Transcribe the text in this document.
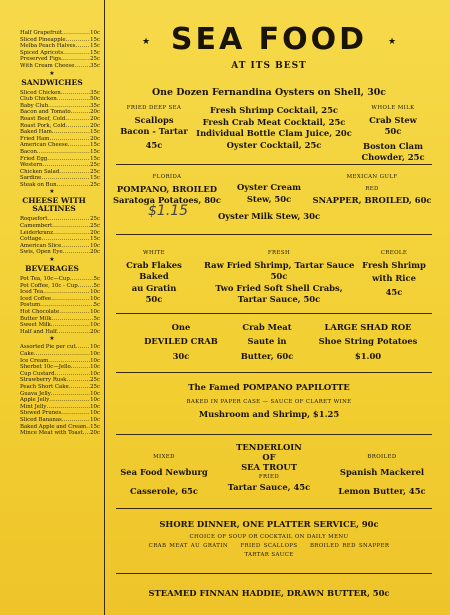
Half Grapefruit .....	10c
Sliced Pineapple .....	15c
Melba Peach Halves .....	15c
Spiced Apricots .....	15c
Preserved Figs .....	25c
With Cream Cheese .....	35c
★
SANDWICHES
Sliced Chicken .....	35c
Club Chicken .....	50c
Baby Club .....	35c
Bacon and Tomato .....	20c
Roast Beef, Cold .....	20c
Roast Pork, Cold .....	20c
Baked Ham .....	15c
Fried Ham .....	20c
American Cheese .....	15c
Bacon .....	15c
Fried Egg .....	15c
Western .....	25c
Chicken Salad .....	25c
Sardine .....	15c
Steak on Bun .....	25c
★
CHEESE WITH SALTINES
Roquefort .....	25c
Camembert .....	25c
Leiderkranz .....	20c
Cottage .....	15c
American Slice .....	10c
Swis, Open Eye .....	20c
★
BEVERAGES
Pot Tea, 10c—Cup .....	5c
Pot Coffee, 10c - Cup .....	5c
Iced Tea .....	10c
Iced Coffee .....	10c
Postum .....	5c
Hot Chocolate .....	10c
Butter Milk .....	5c
Sweet Milk .....	10c
Half and Half .....	20c
★
Assorted Pie per cut .....	10c
Cake .....	10c
Ice Cream .....	10c
Sherbet 10c—Jello .....	10c
Cup Custard .....	10c
Strawberry Rusk .....	25c
Peach Short Cake .....	25c
Guava Jelly .....	10c
Apple Jelly .....	10c
Mint Jelly .....	10c
Stewed Prunes .....	10c
Sliced Bananas .....	10c
Baked Apple and Cream ..... 15c
Mince Meat with Toast ..... 20c
★	★
SEA FOOD
AT ITS BEST
One Dozen Fernandina Oysters on Shell, 30c
FRIED DEEP SEA
Scallops
Bacon - Tartar
45c
Fresh Shrimp Cocktail, 25c
Fresh Crab Meat Cocktail, 25c
Individual Bottle Clam Juice, 20c
Oyster Cocktail, 25c
WHOLE MILK
Crab Stew
50c
Boston Clam
Chowder, 25c
FLORIDA
POMPANO, BROILED
Saratoga Potatoes, 80c
$1.15
Oyster Cream
Stew, 50c
MEXICAN GULF
RED
SNAPPER, BROILED, 60c
Oyster Milk Stew, 30c
WHITE
Crab Flakes
Baked
au Gratin
50c
FRESH
Raw Fried Shrimp, Tartar Sauce
50c
Two Fried Soft Shell Crabs,
Tartar Sauce, 50c
CREOLE
Fresh Shrimp
with Rice
45c
One
DEVILED CRAB
30c
Crab Meat
Saute in
Butter, 60c
LARGE SHAD ROE
Shoe String Potatoes
$1.00
The Famed POMPANO PAPILOTTE
BAKED IN PAPER CASE — SAUCE OF CLARET WINE
Mushroom and Shrimp, $1.25
MIXED
Sea Food Newburg
Casserole, 65c
TENDERLOIN
OF
SEA TROUT
FRIED
Tartar Sauce, 45c
BROILED
Spanish Mackerel
Lemon Butter, 45c
SHORE DINNER, ONE PLATTER SERVICE, 90c
CHOICE OF SOUP OR COCKTAIL ON DAILY MENU
CRAB MEAT AU GRATIN FRIED SCALLOPS BROILED RED SNAPPER
TARTAR SAUCE
STEAMED FINNAN HADDIE, DRAWN BUTTER, 50c
